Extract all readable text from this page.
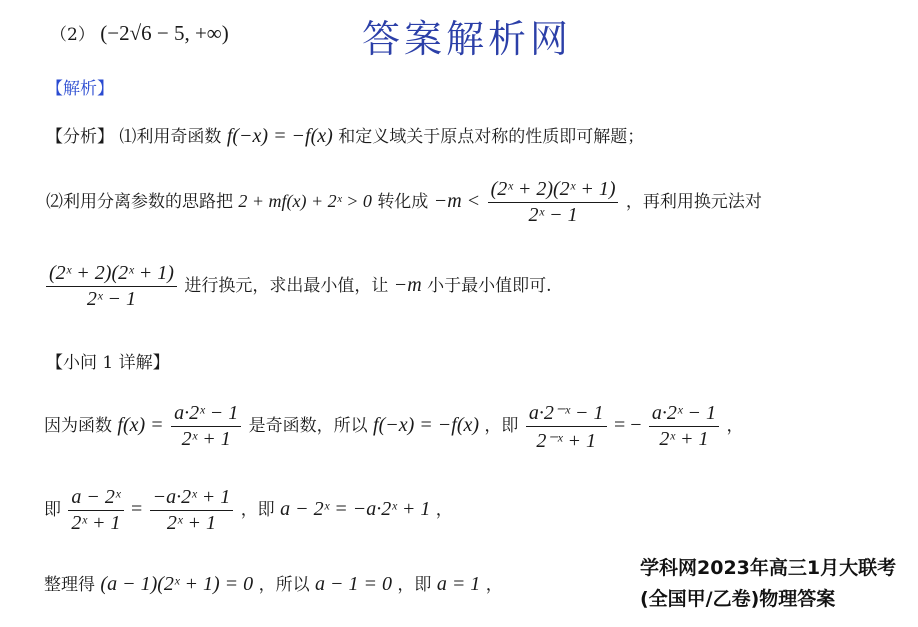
（2） (−2√6 − 5, +∞)	答案解析网
【解析】
【分析】 ⑴利用奇函数 f(−x) = −f(x) 和定义域关于原点对称的性质即可解题；
⑵利用分离参数的思路把 2 + mf(x) + 2ˣ > 0 转化成 $-m < \frac{\text{(2ˣ + 2)(2ˣ + 1)}}{\text{2ˣ − 1}}$ ，再利用换元法对
$\frac{\text{(2ˣ + 2)(2ˣ + 1)}}{\text{2ˣ − 1}}$ 进行换元，求出最小值，让 −m 小于最小值即可.
【小问 1 详解】
因为函数 $f(x) = \frac{\text{a·2ˣ − 1}}{\text{2ˣ + 1}}$ 是奇函数，所以 f(−x) = −f(x) ，即 $\frac{\text{a·2⁻ˣ − 1}}{\text{2⁻ˣ + 1}}$ = − $\frac{\text{a·2ˣ − 1}}{\text{2ˣ + 1}}$ ，
即 $\frac{\text{a − 2ˣ}}{\text{2ˣ + 1}} = \frac{\text{−a·2ˣ + 1}}{\text{2ˣ + 1}}$ ，即 a − 2ˣ = −a·2ˣ + 1 ，
整理得 (a − 1)(2ˣ + 1) = 0 ，所以 a − 1 = 0 ，即 a = 1 ，
学科网2023年高三1月大联考
(全国甲/乙卷)物理答案
